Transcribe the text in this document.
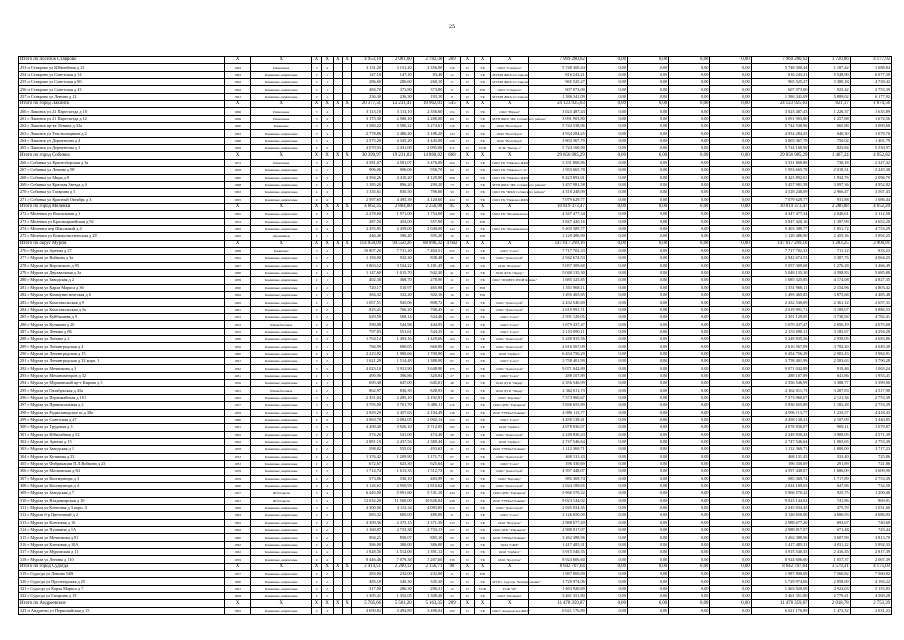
25
Итого по поселок Ставрово	X	X	X	X	X	X	4 953,10	2 081,60	2 782,30	209	X	X	X	7 969 280,62	0,00	0,00	0,00	0,00	7 969 280,62	1 720,06	4 177,92
253 п Ставрово ул Юбилейная д 13	1963	Панельные	5	4			3 131,20	3 131,20	2 356,00	150	П	УК	ООО "Ставрово"	5 748 300,44	0,00	0,00	0,00	0,00	5 748 300,44	1 187,42	1 688,84
254 п Ставрово ул Советская д 14	1963	Каменные, кирпичные	2	1			147,10	147,10	83,40	12	П	УК	МУМП ЖКХ п.Ставрово	816 243,21	0,00	0,00	0,00	0,00	816 243,21	5 548,90	6 077,30
255 п Ставрово ул Советская д 8б	1962	Каменные, кирпичные	2	1			286,60	286,60	260,10	17	П	УК	МУМП ЖКХ п.Ставрово	965 525,27	0,00	0,00	0,00	0,00	965 525,27	3 380,18	4 738,42
256 п Ставрово ул Советская д 43	1962	Каменные, кирпичные	2	1			484,70	373,80	373,80	11	П	НП	ООО "Ставрово"	607 073,00	0,00	0,00	0,00	0,00	607 073,00	923,42	2 753,39
257 п Ставрово ул Ленина д 12	1961	Каменные, кирпичные	2	1			236,30	236,30	193,10	8	П	УК	МУМП ЖКХ п.Ставрово	1 386 341,09	0,00	0,00	0,00	0,00	1 386 341,09	5 889,02	6 177,92
Итого по город Лакинск	X	X	X	X	X	X	20 377,31	12 231,41	10 962,01	545	X	X	X	24 123 925,63	0,00	0,00	0,00	0,00	24 123 925,63	821,17	1 674,56
260 г Лакинск ул 21 Партсъезда д 10	1966	Панельные	5	4			3 113,10	3 113,10	2 356,60	154	П	УК	ООО "Юрьев"	3 023 487,43	0,00	0,00	0,00	0,00	3 023 487,43	1 226,37	1 635,89
261 г Лакинск ул 21 Партсъезда д 12	1966	Панельные	5	4			3 175,30	2 580,10	2 280,00	101	П	УК	МУП ЖКХ "ЖС Собинского района"	3 091 903,80	0,00	0,00	0,00	0,00	3 091 903,80	1 257,88	1 674,56
262 г Лакинск пр-кт Ленина д 33а	1960	Каменные	3	3			3 580,22	3 580,22	3 274,61	130	П	УК	ООО "ВолгДорА"	5 742 538,96	0,00	0,00	0,00	0,00	5 742 538,96	665,88	3 069,66
263 г Лакинск ул Текстильщиков д 2	1963	Каменные, кирпичные	5	4			2 778,86	2 486,20	2 186,20	134	П	УК	ООО "ВолгДорА"	4 934 284,25	0,00	0,00	0,00	0,00	4 934 284,25	640,30	1 079,70
264 г Лакинск ул Дерментова д 4	1966	Каменные, кирпичные	5	4			2 575,20	4 345,20	4 445,00	139	П	УК	ООО "ВолгДорА"	3 803 367,79	0,00	0,00	0,00	0,00	3 803 367,79	750,02	1 401,79
265 г Лакинск ул Дерментова д 1	1969	Каменные, кирпичные	4	4			4 070,93	2 431,00	2 095,00	312	П	ТСЖ	ТСЖ "Звезда-1"	5 724 160,90	0,00	0,00	0,00	0,00	5 724 160,90	825,84	5 530,97
Итого по город Собинка	X	X	X	X	X	X	30 399,97	19 231,03	14 860,02	668	X	X	X	29 856 985,29	0,00	0,00	0,00	0,00	29 856 985,29	1 467,24	4 952,82
266 г Собинка ул Красноборская д 3а	1972	Панельные	5	4			4 581,07	4 581,07	3 476,00	204	П	УК	ООО УК "Пиковое ЖКХ"	3 331 868,86	0,00	0,00	0,00	0,00	3 331 868,86	730,18	2 327,42
267 г Собинка ул Ленина д 98	1958	Каменные, кирпичные	2	1			906,06	906,06	956,70	94	П	УК	ООО УК "Пиковое С.А"	1 953 665,78	0,00	0,00	0,00	0,00	1 953 665,78	2 018,31	2 245,38
268 г Собинка ул Мира д 8	1960	Каменные, кирпичные	4	3			4 394,26	4 410,20	4 129,80	208	П	УК	ООО УК "Пиковое ЖКХ"	8 423 892,01	0,00	0,00	0,00	0,00	8 423 892,01	1 832,76	2 096,70
269 г Собинка ул Красная Звезда д 4	1968	Каменные, кирпичные	2	1			1 185,20	896,20	290,20	73	П	УК	МУП ЖКХ "ЖС Собинского района"	3 457 981,58	0,00	0,00	0,00	0,00	3 457 981,58	3 097,36	4 952,82
270 г Собинка ул Гагарина д 5	1963	Каменные, кирпичные	4	4			1 335,61	850,50	796,00	59	П	УК	ООО УК "ЖКХ Собинского района"	4 518 248,09	0,00	0,00	0,00	0,00	4 518 248,09	2 966,47	3 567,43
271 г Собинка ул Красный Октябрь д 3	1965	Каменные, кирпичные	4	4			2 597,65	4 495,39	4 120,60	224	П	УК	ООО УК "Пиковое ЖКХ"	7 079 629,77	0,00	0,00	0,00	0,00	7 079 629,77	931,88	1 086,44
Итого по город Меленки	X	X	X	X	X	X	4 662,35	2 864,00	2 250,00	95	X	X	X	10 819 373,47	0,00	0,00	0,00	0,00	10 819 373,47	2 286,88	4 652,20
272 г Меленки ул Вокзальная д 1	1965	Каменные, кирпичные	4	3			2 278,60	1 971,00	1 754,00	100	П	УК	ООО УК "Меленковское"	4 347 477,34	0,00	0,00	0,00	0,00	4 347 477,34	2 040,61	2 112,56
273 г Меленки ул Красноармейская д 92	1934	Каменные, кирпичные	2	2			287,50	454,00	357,90	15	П	НП		3 847 420,16	0,00	0,00	0,00	0,00	3 847 420,16	1 397,99	4 652,20
274 г Меленки пер Школьный д 4	1965	Каменные, кирпичные	4	4			2 455,85	2 459,00	2 040,00	142	П	УК	ООО УК "Меленковское"	5 403 389,77	0,00	0,00	0,00	0,00	5 403 389,77	1 851,72	4 753,29
275 г Меленки ул Коммунистическая д 28	1962	Деревянные	2	1			446,40	396,40	395,20	16	П	НП		1 120 486,90	0,00	0,00	0,00	0,00	1 120 486,90	2 455,36	3 892,25
Итого по округ Муром	X	X	X	X	X	X	114 050,09	94 550,26	88 096,32	4 602	X	X	X	147 617 299,16	0,00	0,00	0,00	0,00	147 617 299,16	1 283,25	3 906,91
276 г Муром ул Артема д 27	1969	Каменные	5	4			10 807,20	7 731,20	7 464,51	322	П	УК	ООО "Союз"	7 717 702,33	0,00	0,00	0,00	0,00	7 717 702,33	711,12	833,23
277 г Муром ул Войкова д 3а	1962	Каменные, кирпичные	3	2			1 194,00	932,30	838,48	35	П	УК	ООО "Домострой"	2 942 674,53	0,00	0,00	0,00	0,00	2 942 674,53	3 387,76	4 064,25
278 г Муром ул Воровского д 95	1967	Каменные, кирпичные	5	4			3 863,12	3 534,22	3 181,45	146	П	УК	ООО "Фортуна"	5 057 309,68	0,00	0,00	0,00	0,00	5 057 309,68	1 276,28	3 466,49
279 г Муром ул Двухвальная д 3а	1960	Каменные, кирпичные	2	1			1 147,60	1 015,70	942,30	41	П	УК	ООО ДУК "Лидер"	5 048 135,30	0,00	0,00	0,00	0,00	5 048 135,30	4 398,83	5 685,88
280 г Муром ул Заводская д 2	1959	Каменные, кирпичные	2	1			402,30	368,70	278,90	11	П	УК	ООО "ЛИДЕРСТРОЙ Клинко"	1 685 325,85	0,00	0,00	0,00	0,00	1 685 325,85	4 174,08	4 827,35
281 г Муром ул Карла Маркса д 36	1960	Каменные, кирпичные	2	2			720,17	510,97	465,98	27	П	НП		1 551 968,11	0,00	0,00	0,00	0,00	1 551 968,11	2 154,96	4 803,42
282 г Муром ул Коммунистическая д 6	1962	Каменные, кирпичные	2	1			384,32	332,20	302,16	16	П	НП		1 495 465,85	0,00	0,00	0,00	0,00	1 495 465,85	3 875,68	4 485,48
283 г Муром ул Комсомольская д 9	1962	Каменные, кирпичные	2	1			1 057,51	945,06	808,72	46	П	УК	ООО "Домострой"	2 432 540,69	0,00	0,00	0,00	0,00	2 432 540,69	2 361,12	2 657,31
284 г Муром ул Комсомольская д 3а	1961	Каменные, кирпичные	2	2			825,41	766,20	768,45	47	П	УК	ООО "Домострой"	2 619 991,71	0,00	0,00	0,00	0,00	2 619 991,71	3 189,67	3 886,53
285 г Муром ул Куйбышева д 9	1955	Каменные, кирпичные	3	2			629,58	568,14	524,46	24	П	УК	ООО "Союз"	2 591 129,05	0,00	0,00	0,00	0,00	2 591 129,05	3 730,94	4 782,41
286 г Муром ул Кутякова д 20	1952	Шлакоблочные	2	2			590,08	544,98	444,95	20	П	УК	ООО "Союз"	1 679 437,47	0,00	0,00	0,00	0,00	1 679 437,47	2 856,19	4 075,60
287 г Муром ул Ленина д 86	1952	Каменные, кирпичные	2	1			797,83	551,61	544,25	21	П	УК	ООО "Союз"	2 153 090,11	0,00	0,00	0,00	0,00	2 153 090,11	3 185,67	4 294,28
288 г Муром ул Ленина д 2	1960	Каменные, кирпичные	3	3			1 704,14	1 493,16	1 429,66	104	П	УК	ООО "Домострой"	5 248 835,56	0,00	0,00	0,00	0,00	5 248 835,56	2 939,05	4 683,86
289 г Муром ул Ленинградская д 4	1956	Каменные, кирпичные	2	1			766,99	690,05	660,80	20	П	УК	ООО "Домострой"	2 616 567,09	0,00	0,00	0,00	0,00	2 616 567,09	3 782,20	4 049,30
290 г Муром ул Ленинградская д 15	1960	Каменные, кирпичные	4	4			2 223,82	1 900,66	1 700,00	105	П	УК	ООО "Орбита"	6 454 756,29	0,00	0,00	0,00	0,00	6 454 756,29	2 903,43	3 984,81
291 г Муром ул Ленинградская д 32 корп. 1	1961	Каменные, кирпичные	3	3			1 621,29	1 514,48	1 388,90	65	П	УК	ООО "Союз"	3 758 401,99	0,00	0,00	0,00	0,00	3 758 401,99	2 583,63	3 790,28
292 г Муром ул Мечникова д 3	1962	Каменные, кирпичные	3	3			4 023,10	3 931,90	3 648,90	175	П	УК	ООО "Домострой"	9 071 042,89	0,00	0,00	0,00	0,00	9 071 042,89	919,46	1 063,24
293 г Муром ул Механизаторов д 32	1961	Каменные, кирпичные	2	1			490,96	396,86	320,84	27	П	УК	ООО "Союз"	288 107,89	0,00	0,00	0,00	0,00	288 107,89	641,86	1 953,41
294 г Муром ул Мурманский пр-т Кирова д 5	1956	Каменные, кирпичные	2	1			695,40	647,00	645,01	48	П	УК	ООО ДУК "Лидер"	2 356 546,99	0,00	0,00	0,00	0,00	2 356 546,99	3 388,77	3 399,00
295 г Муром ул Октябрьская д 43а	1961	Шлакоблочные	2	2			862,97	836,39	828,93	36	П	УК	ООО ДУК "Лидер"	2 362 011,73	0,00	0,00	0,00	0,00	2 362 011,73	3 287,83	4 517,90
296 г Муром ул Первомайская д 101	1962	Каменные, кирпичные	3	3			2 351,04	2 285,10	2 192,81	67	П	УК	ООО "Партнер"	7 573 960,67	0,00	0,00	0,00	0,00	7 573 960,67	2 121,36	2 753,39
297 г Муром ул Привокзальная д 2	1957	Каменные, кирпичные	3	3			3 705,00	3 701,70	3 480,11	116	П	УК	ООО ДУК "Управдом"	5 836 655,89	0,00	0,00	0,00	0,00	5 836 655,89	1 182,28	2 753,39
298 г Муром ул Радиозаводское ш д 38а	1959	Каменные, кирпичные	3	2			2 829,29	2 457,63	2 194,49	138	П	УК	ООО "ГЕНАЛ Клинко"	4 096 113,77	0,00	0,00	0,00	0,00	4 096 113,77	1 233,57	4 418,43
299 г Муром ул Советская д 47	1960	Каменные, кирпичные	4	4			2 063,78	2 082,05	2 002,14	152	П	УК	ООО "Союз"	4 458 138,41	0,00	0,00	0,00	0,00	4 458 138,41	2 187,09	3 440,85
300 г Муром ул Трудовая д 3	1961	Каменные, кирпичные	3	3			4 209,40	3 926,10	3 712,05	195	П	УК	ООО "Орбита"	4 078 836,07	0,00	0,00	0,00	0,00	4 078 836,07	969,11	1 079,87
301 г Муром ул Юбилейная д 52	1962	Каменные, кирпичные	2	2			574,20	541,00	474,40	28	П	УК	ООО "Домострой"	2 249 830,43	0,00	0,00	0,00	0,00	2 249 830,43	3 908,05	4 571,39
302 г Муром ул Артема д 15	1962	Каменные, кирпичные	2	2			2 881,19	2 437,54	2 380,44	122	П	УК	ООО "Орбита"	2 747 546,64	0,00	0,00	0,00	0,00	2 747 546,64	1 065,65	2 753,39
303 г Муром ул Заводская д 1	1958	Каменные, кирпичные	2	2			598,82	555,02	493,63	21	П	УК	ООО "ГЕНАЛ Клинко"	1 112 369,71	0,00	0,00	0,00	0,00	1 112 369,71	1 880,00	3 717,23
304 г Муром ул Кутякова д 23	1953	Каменные, кирпичные	2	2			1 376,42	1 209,90	1 171,71	67	П	УК	ООО "Домострой"	468 131,43	0,00	0,00	0,00	0,00	468 131,43	333,40	725,86
305 г Муром ул Фабрикации П.Л.Войкова д 23	1953	Каменные, кирпичные	2	2			672,67	625,30	625,64	42	П	УК	ООО "Союз"	196 330,69	0,00	0,00	0,00	0,00	196 330,69	291,89	721,86
306 г Муром ул Московская д 84	1959	Каменные, кирпичные	3	3			1 714,74	1 613,33	1 512,73	61	П	УК	ООО "Домострой"	4 597 448,07	0,00	0,00	0,00	0,00	4 597 448,07	1 686,09	3 609,90
307 г Муром ул Кооператора д 3	1959	Каменные, кирпичные	2	2			573,06	530,10	483,99	35	П	УК	ООО "Партнер"	985 369,74	0,00	0,00	0,00	0,00	985 369,74	1 717,89	2 753,39
308 г Муром ул Кооператора д 4	1960	Каменные, кирпичные	4	4			3 126,61	2 950,93	2 810,62	139	П	УК	ООО "Домострой"	2 024 189,65	0,00	0,00	0,00	0,00	2 024 189,65	647,86	732,50
309 г Муром ул Заводская д 7	1957	Ж/б панели	5	4			6 445,00	5 991,60	5 741,10	244	П	УК	ООО ДУК "Управдом"	5 966 570,22	0,00	0,00	0,00	0,00	5 966 570,22	925,75	1 200,40
310 г Муром ул Владимирская д 10	1961	Ж/б панели	5	4			12 032,20	11 560,00	10 826,04	448	П	УК	ООО "ГЕНАЛ Клинко"	9 023 144,02	0,00	0,00	0,00	0,00	9 023 144,02	741,86	869,91
311 г Муром ул Кленовая д 3 корп. 4	1966	Каменные, кирпичные	3	3			4 300,00	4 112,34	4 083,85	212	П	УК	ООО "Домострой"	2 045 034,45	0,00	0,00	0,00	0,00	2 045 034,45	475,59	1 031,60
312 г Муром б-р Цветочный д 2	1963	Каменные, кирпичные	2	2			683,32	600,00	480,00	21	П	УК	ООО "Союз"	3 126 650,00	0,00	0,00	0,00	0,00	3 126 650,00	4 686,93	4 686,93
313 г Муром ул Кленовая д 16	1962	Каменные, кирпичные	2	2			4 309,36	2 375,15	2 371,50	133	П	УК	ООО "Фортуна"	2 988 677,20	0,00	0,00	0,00	0,00	2 988 677,20	693,67	740,60
314 г Муром ул Пушкина д 1А	1962	Каменные, кирпичные	3	2			1 160,87	2 733,38	2 733,13	127	П	УК	ООО ДУК "Управдом"	2 988 817,07	0,00	0,00	0,00	0,00	2 988 817,07	671,48	725,44
315 г Муром ул Мечникова д 81	1960	Каменные, кирпичные	3	2			904,21	850,07	885,10	50	П	УК	ООО "ГЕНАЛ Клинко"	3 262 388,96	0,00	0,00	0,00	0,00	3 262 388,96	3 607,99	3 813,70
316 г Муром ул Кленовая д 10А	1962	Каменные, кирпичные	2	2			386,00	386,00	386,00	22	П	УК	ООО "СЖБ"	1 417 485,31	0,00	0,00	0,00	0,00	1 417 485,31	4 031,22	5 992,33
317 г Муром ул Муромская д 11	1962	Каменные, кирпичные	4	4			1 828,30	1 512,00	1 391,12	53	П	УК	ООО "Орбита"	3 915 540,35	0,00	0,00	0,00	0,00	3 915 540,35	2 416,35	2 817,39
318 г Муром ул Ленина д 110	1959	Каменные, кирпичные	4	4			8 446,46	7 079,38	7 207,60	336	П	УК	ООО "Фортуна"	8 924 606,60	0,00	0,00	0,00	0,00	8 924 606,60	1 057,37	2 067,39
Итого по город Судогда	X	X	X	X	X	X	2 414,51	2 200,12	2 156,71	98	X	X	X	8 642 707,64	0,00	0,00	0,00	0,00	8 642 707,64	3 579,31	4 175,03
319 г Судогда ул Ленина 54В	1957	Каменные, кирпичные	2	2			283,00	232,00	232,00	11	П	НП		1 987 800,09	0,00	0,00	0,00	0,00	1 987 800,09	7 560,82	7 560,82
320 г Судогда ул Пролетарская д 25	1960	Каменные, кирпичные	2	2			485,10	340,30	345,30	52	П	УК	МУП г. Судогда "Коммунальник"	1 729 974,06	0,00	0,00	0,00	0,00	1 729 974,06	2 858,00	4 184,22
321 г Судогда ул Карла Маркса д 7	1961	Каменные, кирпичные	2	2			317,00	286,30	286,31	12	П	ТСЖ	ТСЖ "М"	1 463 920,69	0,00	0,00	0,00	0,00	1 463 920,69	4 923,03	5 155,83
322 г Судогда ул Гагарина д 19	1958	Каменные, кирпичные	2	2			1 305,41	1 352,05	1 308,40	23	П	УК	ООО "Оптимум"	3 461 351,80	0,00	0,00	0,00	0,00	3 461 351,80	2 779,41	4 569,28
Итого по Андреевское	X	X	X	X	X	X	5 705,66	5 561,20	5 163,35	209	X	X	X	11 478 359,87	0,00	0,00	0,00	0,00	11 478 359,87	2 018,78	2 753,39
323 п Андреево ул Первомайская д 15	1962	Каменные, кирпичные	4	4			4 690,82	3 494,89	3 496,04	160	П	УК	ООО "Андреевское ЖКХ"	6 621 176,89	0,00	0,00	0,00	0,00	6 621 176,89	1 472,52	2 031,23
